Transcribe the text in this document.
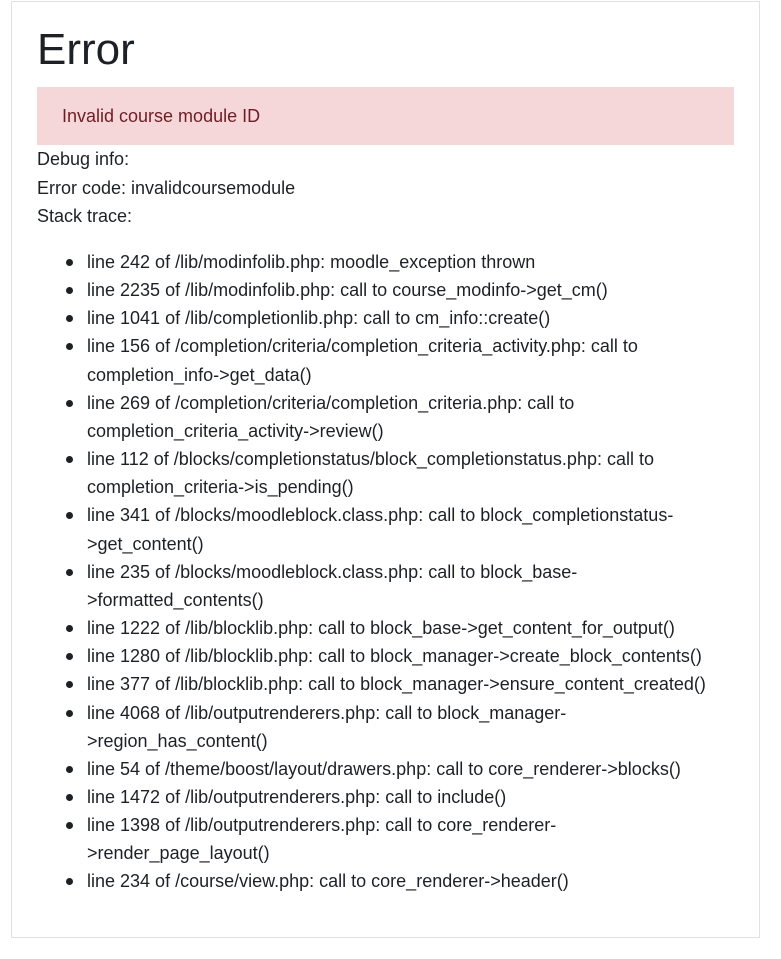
Error
Invalid course module ID
Debug info:
Error code: invalidcoursemodule
Stack trace:
line 242 of /lib/modinfolib.php: moodle_exception thrown
line 2235 of /lib/modinfolib.php: call to course_modinfo->get_cm()
line 1041 of /lib/completionlib.php: call to cm_info::create()
line 156 of /completion/criteria/completion_criteria_activity.php: call to
completion_info->get_data()
line 269 of /completion/criteria/completion_criteria.php: call to
completion_criteria_activity->review()
line 112 of /blocks/completionstatus/block_completionstatus.php: call to
completion_criteria->is_pending()
line 341 of /blocks/moodleblock.class.php: call to block_completionstatus-
>get_content()
line 235 of /blocks/moodleblock.class.php: call to block_base-
>formatted_contents()
line 1222 of /lib/blocklib.php: call to block_base->get_content_for_output()
line 1280 of /lib/blocklib.php: call to block_manager->create_block_contents()
line 377 of /lib/blocklib.php: call to block_manager->ensure_content_created()
line 4068 of /lib/outputrenderers.php: call to block_manager-
>region_has_content()
line 54 of /theme/boost/layout/drawers.php: call to core_renderer->blocks()
line 1472 of /lib/outputrenderers.php: call to include()
line 1398 of /lib/outputrenderers.php: call to core_renderer-
>render_page_layout()
line 234 of /course/view.php: call to core_renderer->header()
